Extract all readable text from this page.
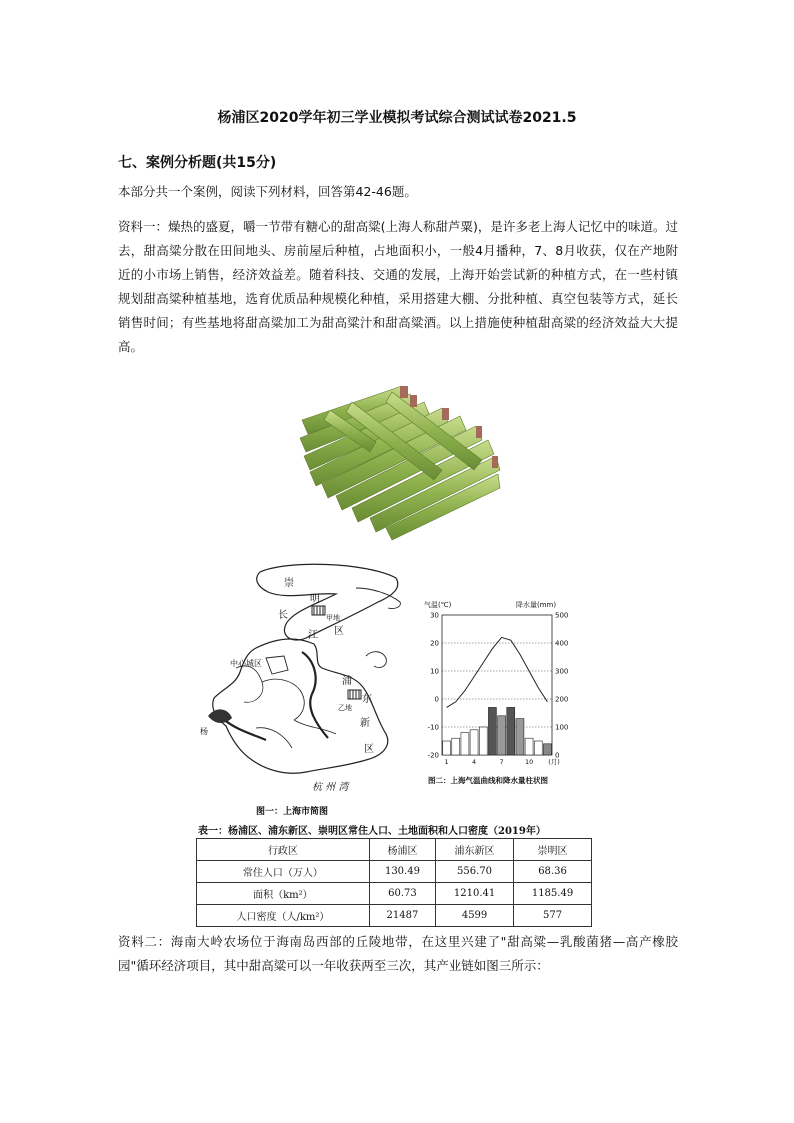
杨浦区2020学年初三学业模拟考试综合测试试卷2021.5
七、案例分析题(共15分)
本部分共一个案例，阅读下列材料，回答第42-46题。
资料一：燥热的盛夏，嚼一节带有糖心的甜高粱(上海人称甜芦粟)，是许多老上海人记忆中的味道。过去，甜高粱分散在田间地头、房前屋后种植，占地面积小，一般4月播种，7、8月收获，仅在产地附近的小市场上销售，经济效益差。随着科技、交通的发展，上海开始尝试新的种植方式，在一些村镇规划甜高粱种植基地，选育优质品种规模化种植，采用搭建大棚、分批种植、真空包装等方式，延长销售时间；有些基地将甜高粱加工为甜高粱汁和甜高粱酒。以上措施使种植甜高粱的经济效益大大提高。
崇
明
区
甲地
长
江
中心城区
浦
东
乙地
新
区
杨
杭 州 湾
图一：上海市简图
气温(℃)	降水量(mm)
30
20
10
0
-10
-20
500
400
300
200
100
0
1	4	7	10 (月)
图二：上海气温曲线和降水量柱状图
表一：杨浦区、浦东新区、崇明区常住人口、土地面积和人口密度（2019年）
行政区	杨浦区	浦东新区	崇明区
常住人口（万人）	130.49	556.70	68.36
面积（km²）	60.73	1210.41	1185.49
人口密度（人/km²）	21487	4599	577
资料二：海南大岭农场位于海南岛西部的丘陵地带，在这里兴建了"甜高粱—乳酸菌猪—高产橡胶园"循环经济项目，其中甜高粱可以一年收获两至三次，其产业链如图三所示：
